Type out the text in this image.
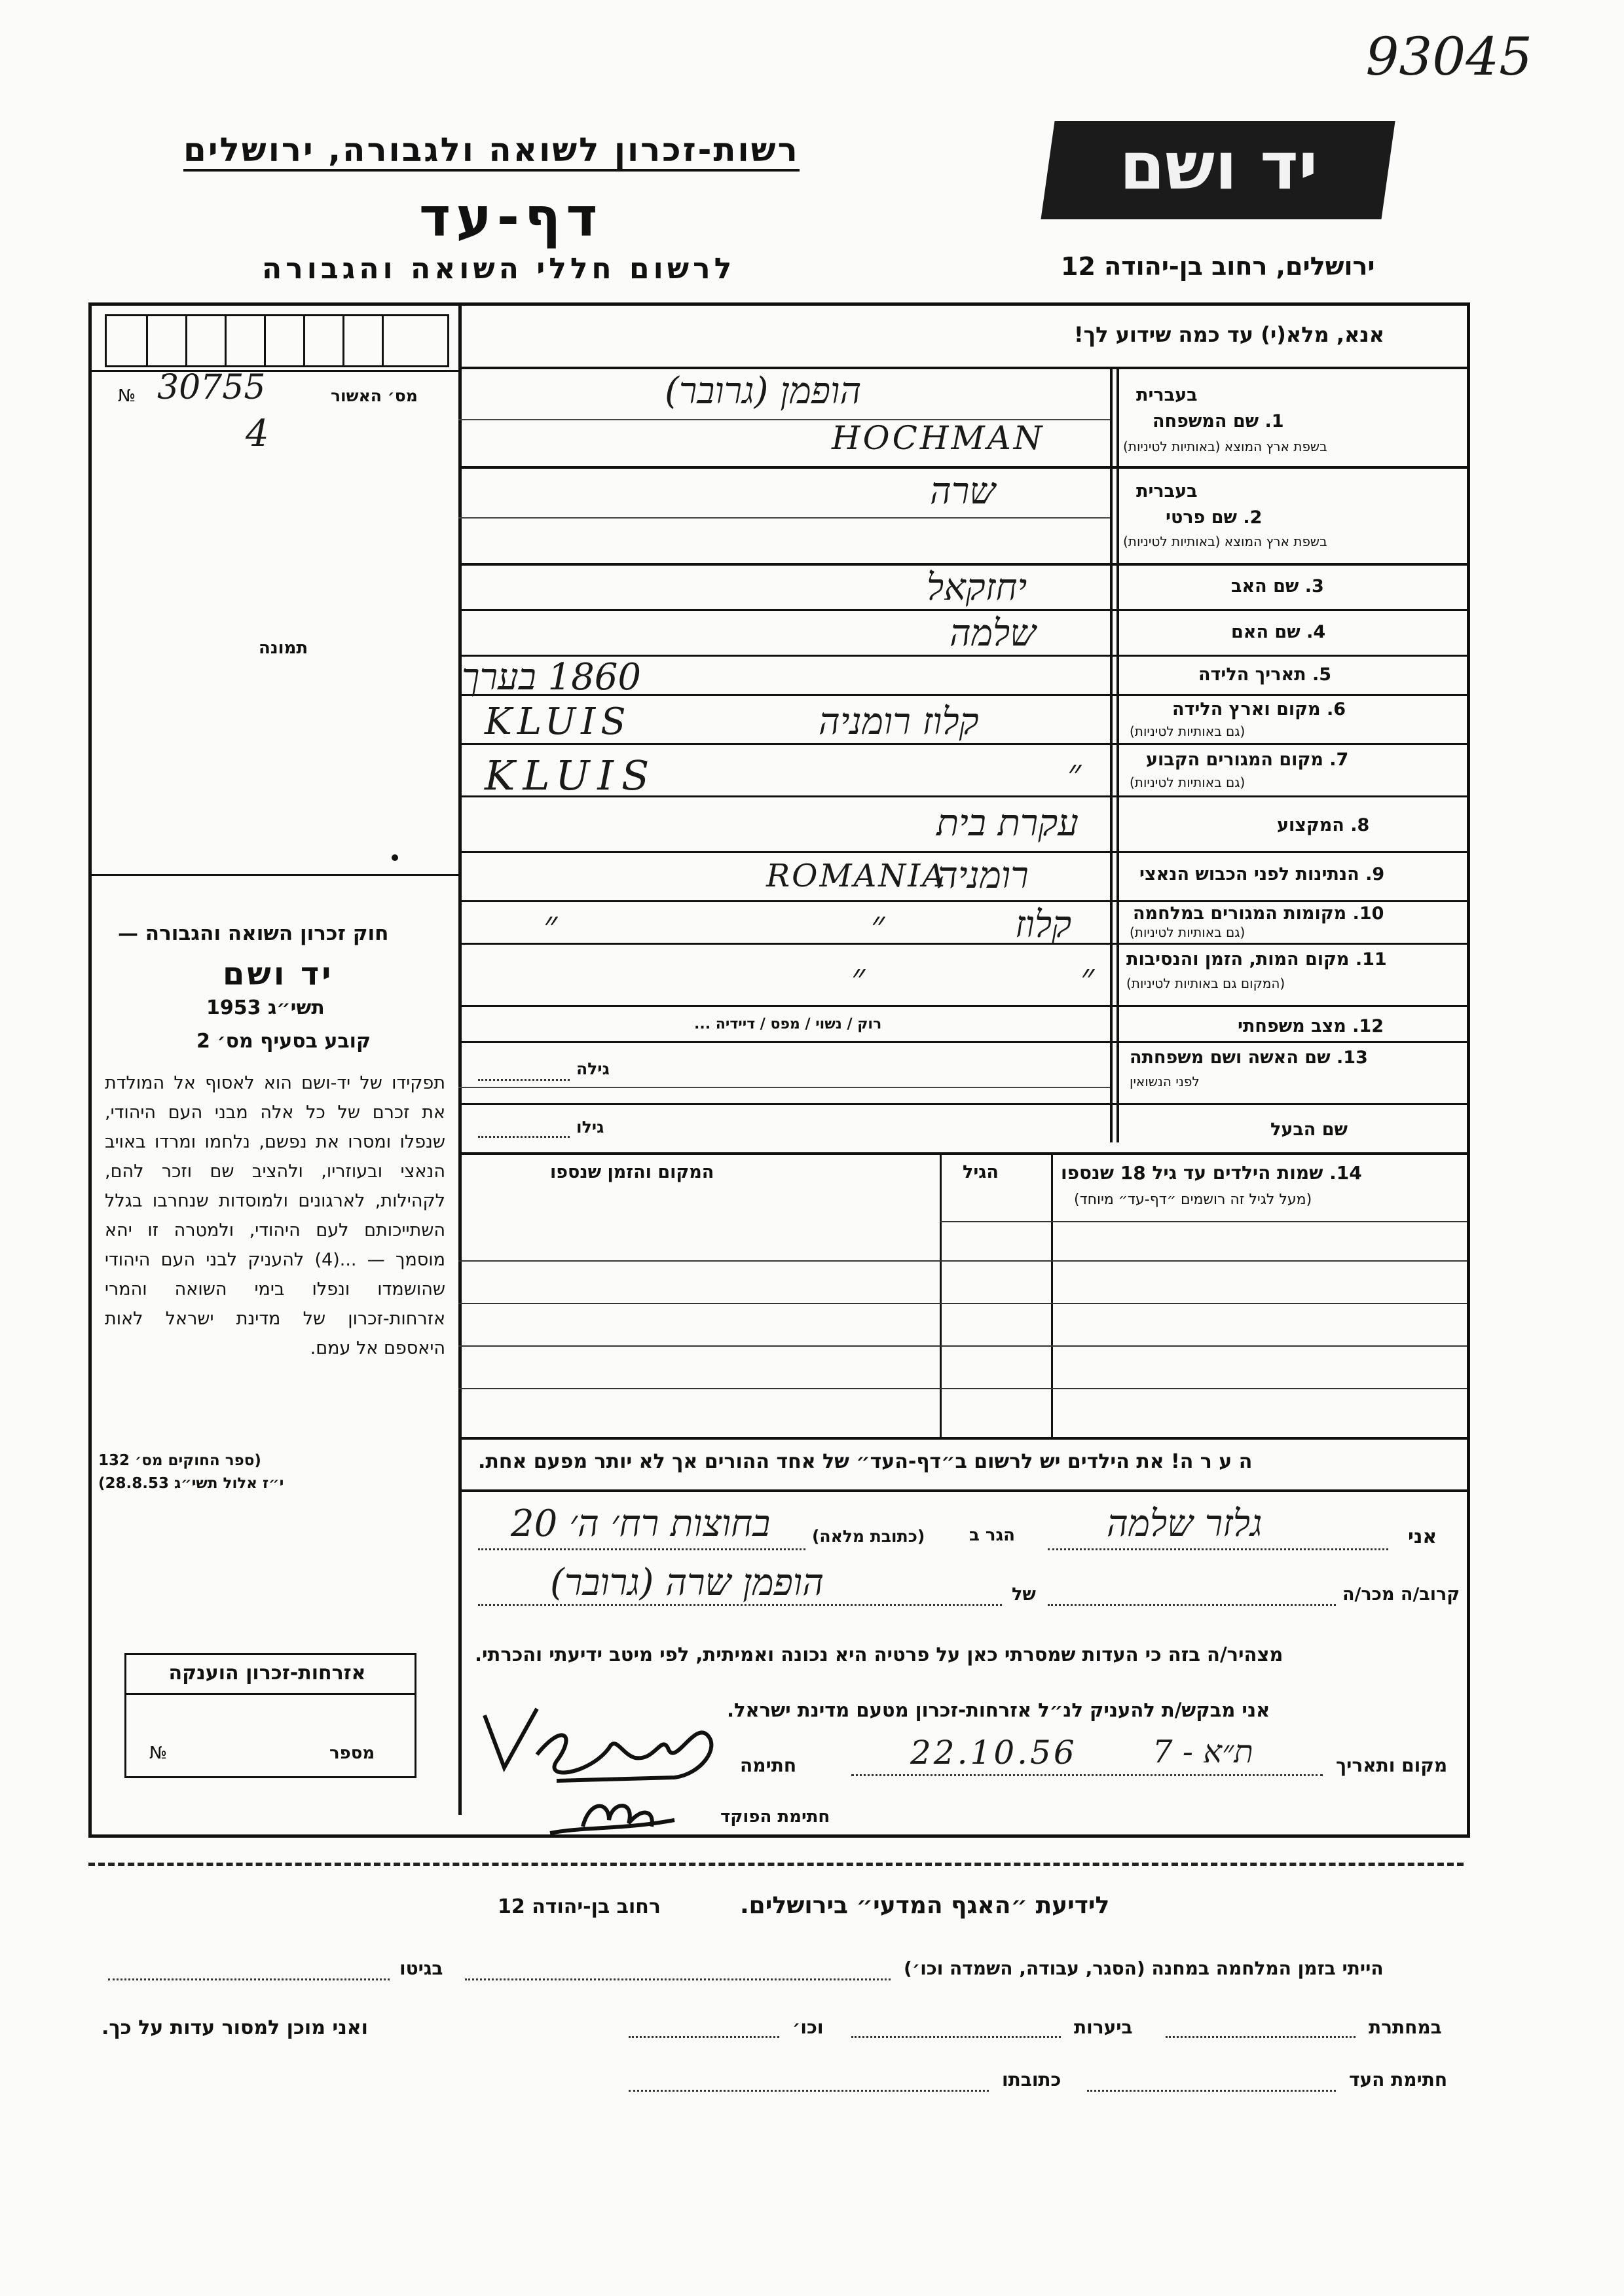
93045
רשות-זכרון לשואה ולגבורה, ירושלים
דף-עד
לרשום חללי השואה והגבורה
יד ושם
ירושלים, רחוב בן-יהודה 12
מס׳ האשור
№ 30755
4
תמונה
חוק זכרון השואה והגבורה —
יד ושם
תשי״ג 1953
קובע בסעיף מס׳ 2
תפקידו של יד-ושם הוא לאסוף אל המולדת את זכרם של כל אלה מבני העם היהודי, שנפלו ומסרו את נפשם, נלחמו ומרדו באויב הנאצי ובעוזריו, ולהציב שם וזכר להם, לקהילות, לארגונים ולמוסדות שנחרבו בגלל השתייכותם לעם היהודי, ולמטרה זו יהא מוסמך — ...(4) להעניק לבני העם היהודי שהושמדו ונפלו בימי השואה והמרי אזרחות-זכרון של מדינת ישראל לאות היאספם אל עמם.
(ספר החוקים מס׳ 132
י״ז אלול תשי״ג 28.8.53)
אזרחות-זכרון הוענקה
מספר
№
אנא, מלא(י) עד כמה שידוע לך!
בעברית
1. שם המשפחה
בשפת ארץ המוצא (באותיות לטיניות)
בעברית
2. שם פרטי
בשפת ארץ המוצא (באותיות לטיניות)
3. שם האב
4. שם האם
5. תאריך הלידה
6. מקום וארץ הלידה
(גם באותיות לטיניות)
7. מקום המגורים הקבוע
(גם באותיות לטיניות)
8. המקצוע
9. הנתינות לפני הכבוש הנאצי
10. מקומות המגורים במלחמה
(גם באותיות לטיניות)
11. מקום המות, הזמן והנסיבות
(המקום גם באותיות לטיניות)
12. מצב משפחתי
13. שם האשה ושם משפחתה
לפני הנשואין
שם הבעל
רוק / נשוי / מפס / דיידיה ...
גילה
גילו
הופמן (גרובר)
HOCHMAN
שרה
יחזקאל
שלמה
1860 בערך
KLUIS	קלוז רומניה
KLUIS	״
עקרת בית
ROMANIA
רומניה
קלוז
״
״
״
״
14. שמות הילדים עד גיל 18 שנספו
(מעל לגיל זה רושמים ״דף-עד״ מיוחד)
הגיל
המקום והזמן שנספו
ה ע ר ה! את הילדים יש לרשום ב״דף-העד״ של אחד ההורים אך לא יותר מפעם אחת.
אני
גלזר שלמה
הגר ב
(כתובת מלאה)
בחוצות רח׳ ה׳ 20
קרוב/ה מכר/ה
של
הופמן שרה (גרובר)
מצהיר/ה בזה כי העדות שמסרתי כאן על פרטיה היא נכונה ואמיתית, לפי מיטב ידיעתי והכרתי.
אני מבקש/ת להעניק לנ״ל אזרחות-זכרון מטעם מדינת ישראל.
מקום ותאריך
ת״א - 7
22.10.56
חתימה
חתימת הפוקד
לידיעת ״האגף המדעי״ בירושלים.
רחוב בן-יהודה 12
הייתי בזמן המלחמה במחנה (הסגר, עבודה, השמדה וכו׳)
בגיטו
במחתרת
ביערות
וכו׳
ואני מוכן למסור עדות על כך.
חתימת העד
כתובתו
